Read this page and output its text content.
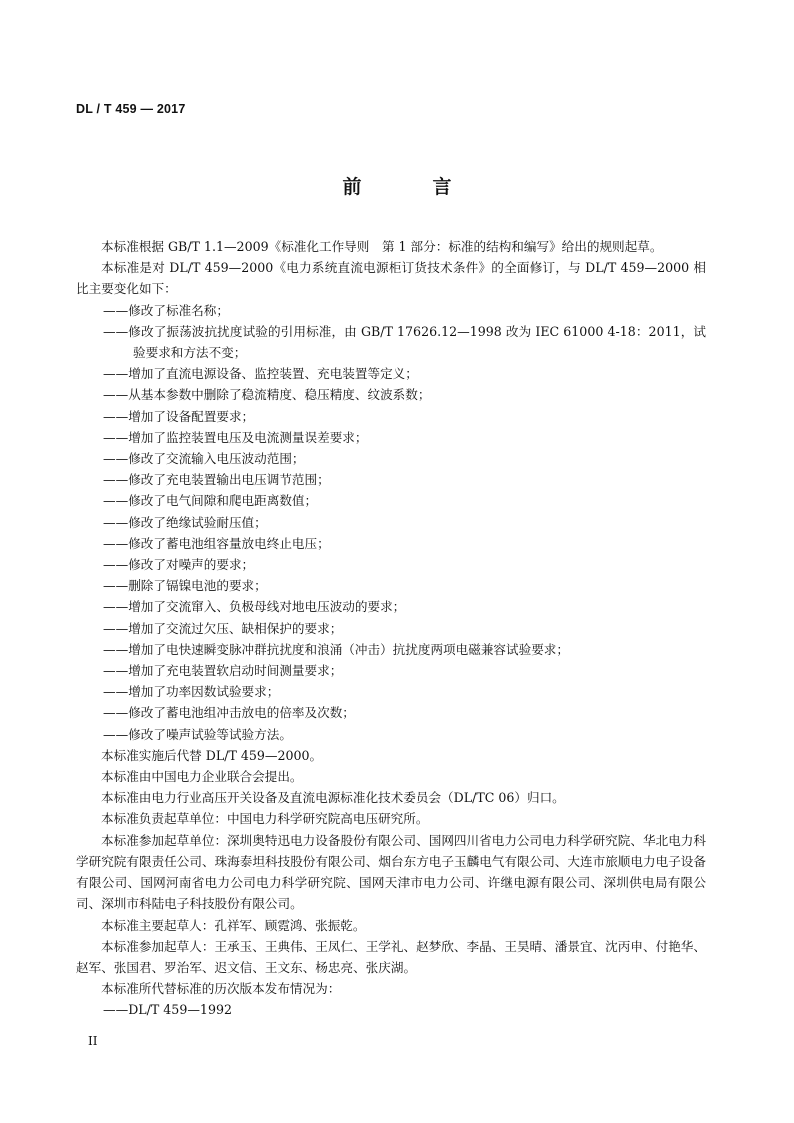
DL / T 459 — 2017
前　言

本标准根据 GB/T 1.1—2009《标准化工作导则　第 1 部分：标准的结构和编写》给出的规则起草。

本标准是对 DL/T 459—2000《电力系统直流电源柜订货技术条件》的全面修订，与 DL/T 459—2000 相比主要变化如下：

——修改了标准名称；

——修改了振荡波抗扰度试验的引用标准，由 GB/T 17626.12—1998 改为 IEC 61000 4-18：2011，试验要求和方法不变；

——增加了直流电源设备、监控装置、充电装置等定义；

——从基本参数中删除了稳流精度、稳压精度、纹波系数；

——增加了设备配置要求；

——增加了监控装置电压及电流测量误差要求；

——修改了交流输入电压波动范围；

——修改了充电装置输出电压调节范围；

——修改了电气间隙和爬电距离数值；

——修改了绝缘试验耐压值；

——修改了蓄电池组容量放电终止电压；

——修改了对噪声的要求；

——删除了镉镍电池的要求；

——增加了交流窜入、负极母线对地电压波动的要求；

——增加了交流过欠压、缺相保护的要求；

——增加了电快速瞬变脉冲群抗扰度和浪涌（冲击）抗扰度两项电磁兼容试验要求；

——增加了充电装置软启动时间测量要求；

——增加了功率因数试验要求；

——修改了蓄电池组冲击放电的倍率及次数；

——修改了噪声试验等试验方法。

本标准实施后代替 DL/T 459—2000。

本标准由中国电力企业联合会提出。

本标准由电力行业高压开关设备及直流电源标准化技术委员会（DL/TC 06）归口。

本标准负责起草单位：中国电力科学研究院高电压研究所。

本标准参加起草单位：深圳奥特迅电力设备股份有限公司、国网四川省电力公司电力科学研究院、华北电力科学研究院有限责任公司、珠海泰坦科技股份有限公司、烟台东方电子玉麟电气有限公司、大连市旅顺电力电子设备有限公司、国网河南省电力公司电力科学研究院、国网天津市电力公司、许继电源有限公司、深圳供电局有限公司、深圳市科陆电子科技股份有限公司。

本标准主要起草人：孔祥军、顾霓鸿、张振乾。

本标准参加起草人：王承玉、王典伟、王凤仁、王学礼、赵梦欣、李晶、王昊晴、潘景宜、沈丙申、付艳华、赵军、张国君、罗治军、迟文信、王文东、杨忠亮、张庆湖。

本标准所代替标准的历次版本发布情况为：

——DL/T 459—1992

II
